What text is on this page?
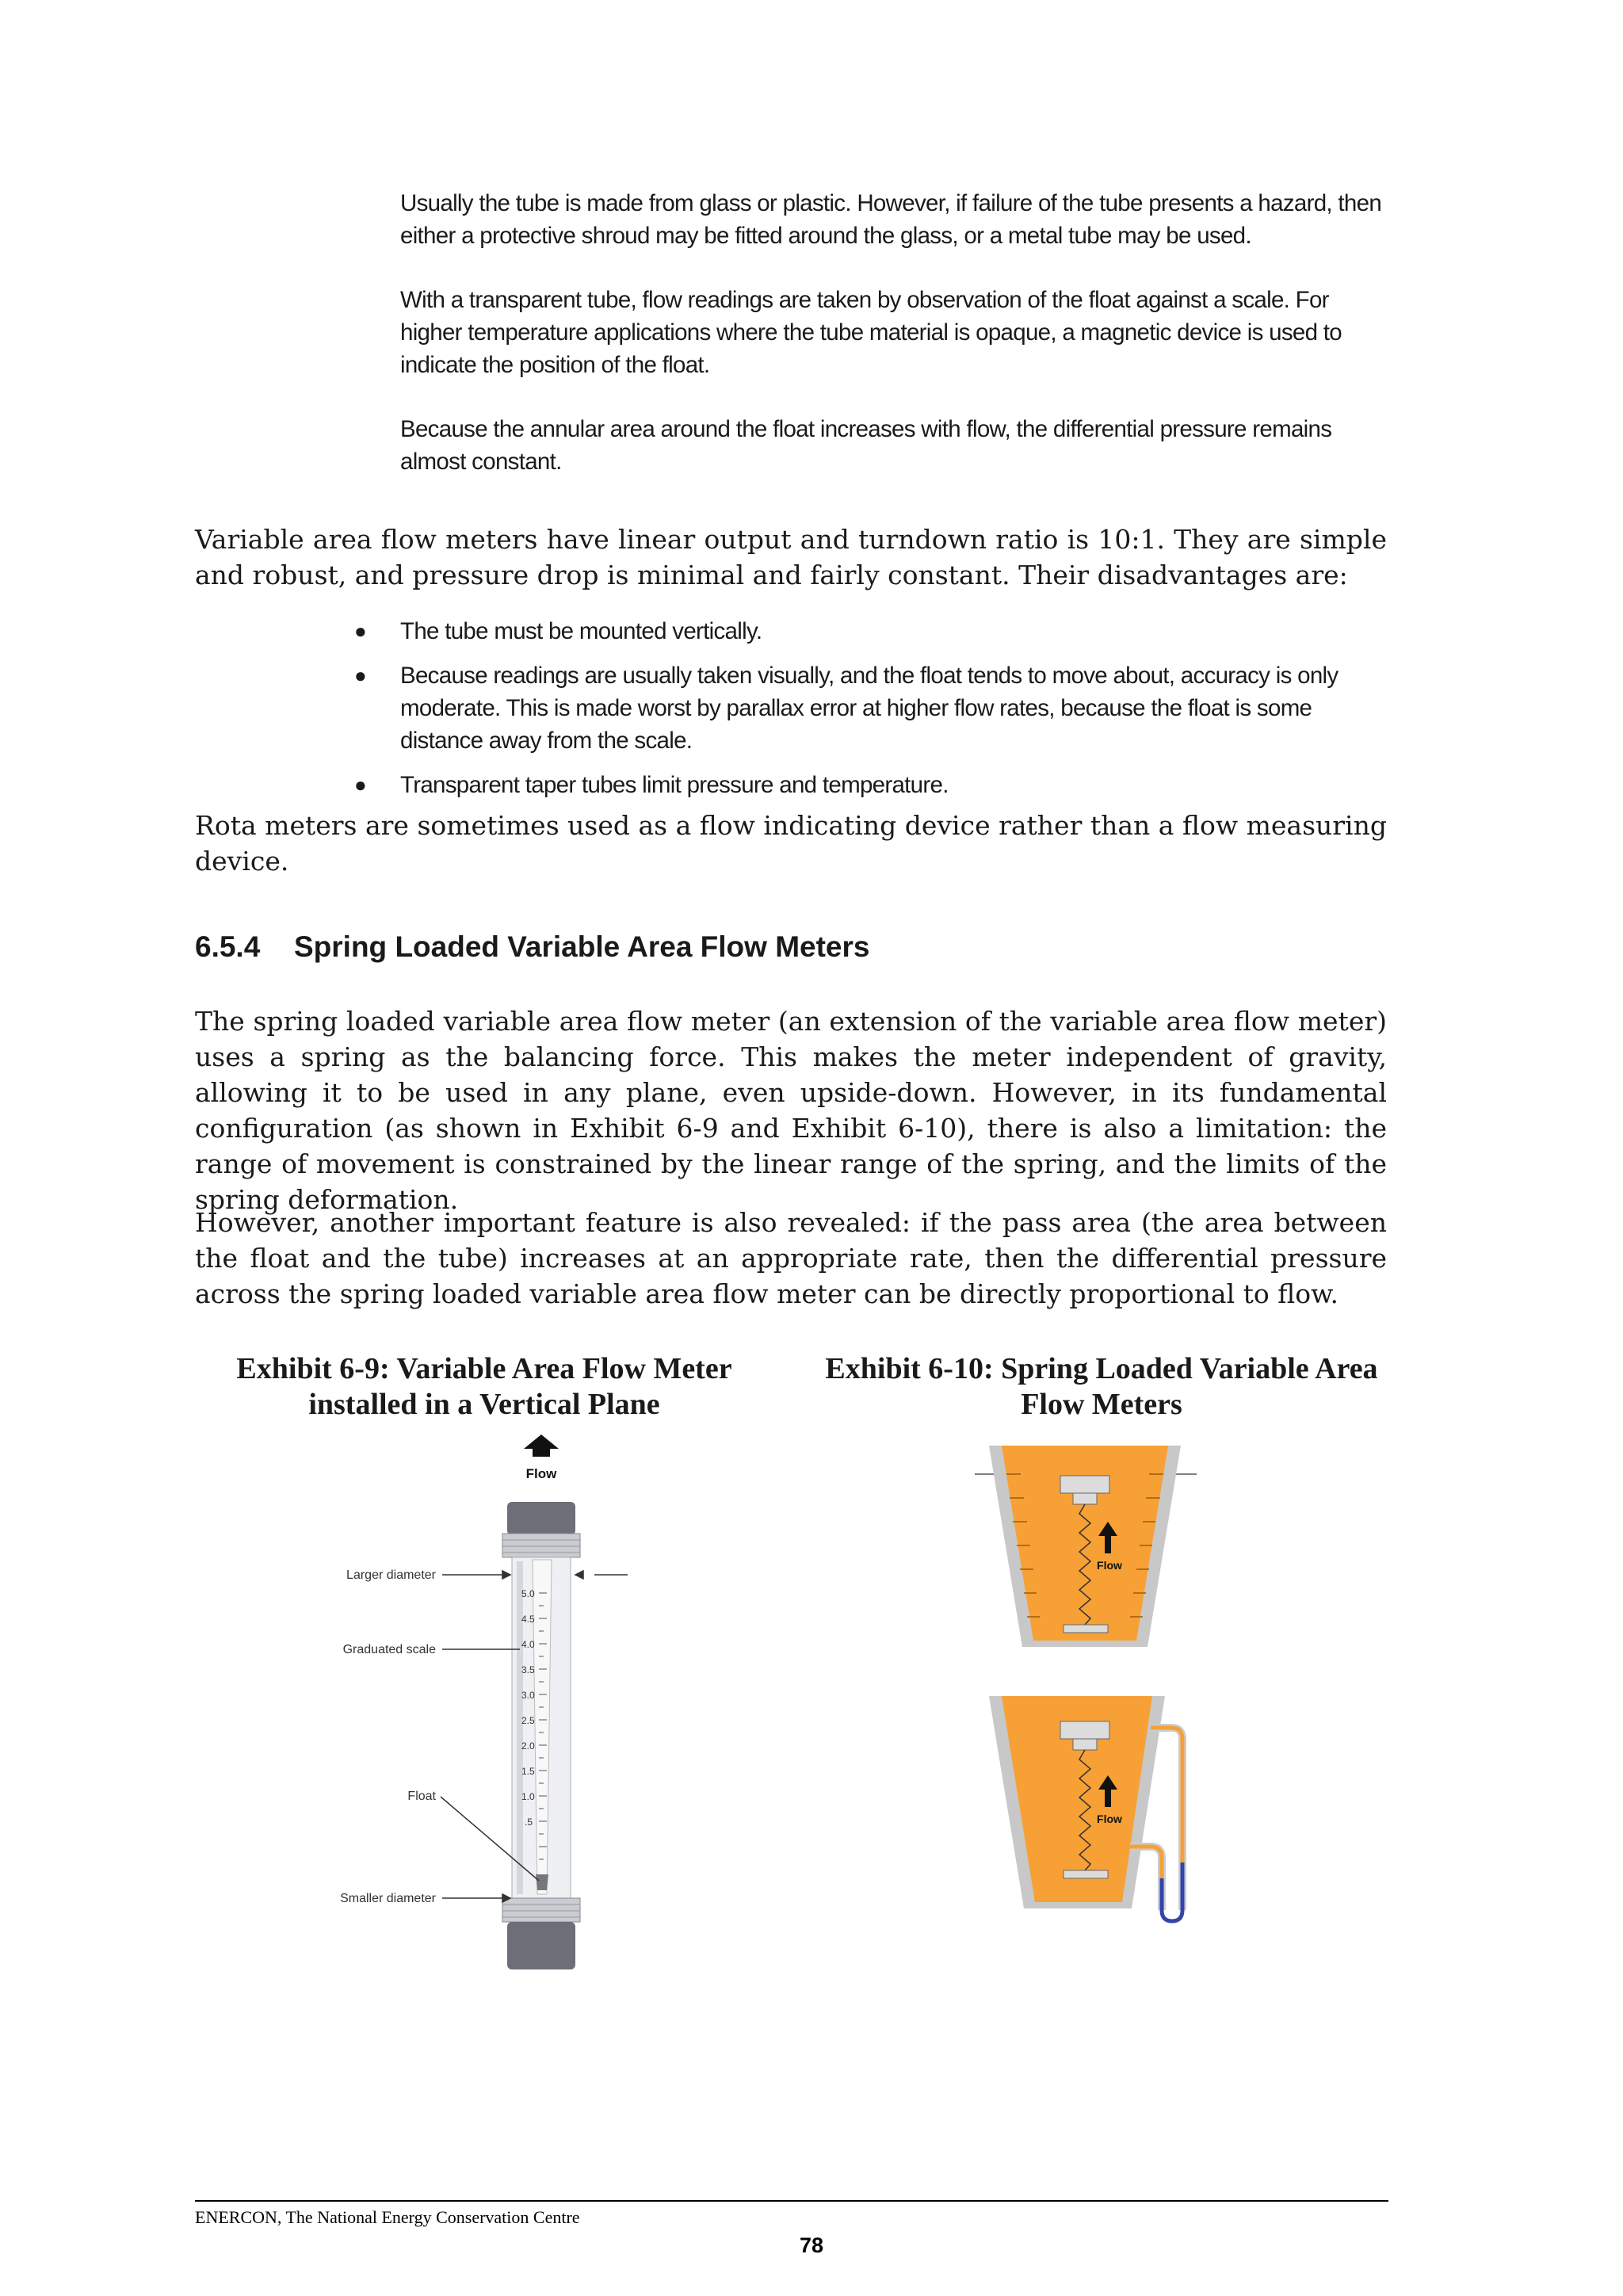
Usually the tube is made from glass or plastic. However, if failure of the tube presents a hazard, then either a protective shroud may be fitted around the glass, or a metal tube may be used.

With a transparent tube, flow readings are taken by observation of the float against a scale. For higher temperature applications where the tube material is opaque, a magnetic device is used to indicate the position of the float.

Because the annular area around the float increases with flow, the differential pressure remains almost constant.

Variable area flow meters have linear output and turndown ratio is 10:1. They are simple and robust, and pressure drop is minimal and fairly constant. Their disadvantages are:

● The tube must be mounted vertically.
● Because readings are usually taken visually, and the float tends to move about, accuracy is only moderate. This is made worst by parallax error at higher flow rates, because the float is some distance away from the scale.
● Transparent taper tubes limit pressure and temperature.

Rota meters are sometimes used as a flow indicating device rather than a flow measuring device.

6.5.4 Spring Loaded Variable Area Flow Meters

The spring loaded variable area flow meter (an extension of the variable area flow meter) uses a spring as the balancing force. This makes the meter independent of gravity, allowing it to be used in any plane, even upside-down. However, in its fundamental configuration (as shown in Exhibit 6-9 and Exhibit 6-10), there is also a limitation: the range of movement is constrained by the linear range of the spring, and the limits of the spring deformation.

However, another important feature is also revealed: if the pass area (the area between the float and the tube) increases at an appropriate rate, then the differential pressure across the spring loaded variable area flow meter can be directly proportional to flow.

Exhibit 6-9: Variable Area Flow Meter
installed in a Vertical Plane
Exhibit 6-10: Spring Loaded Variable Area
Flow Meters
Flow
5.0
4.5
4.0
3.5
3.0
2.5
2.0
1.5
1.0
.5
Larger diameter
Graduated scale
Float
Smaller diameter
Flow
Flow
ENERCON, The National Energy Conservation Centre
78
